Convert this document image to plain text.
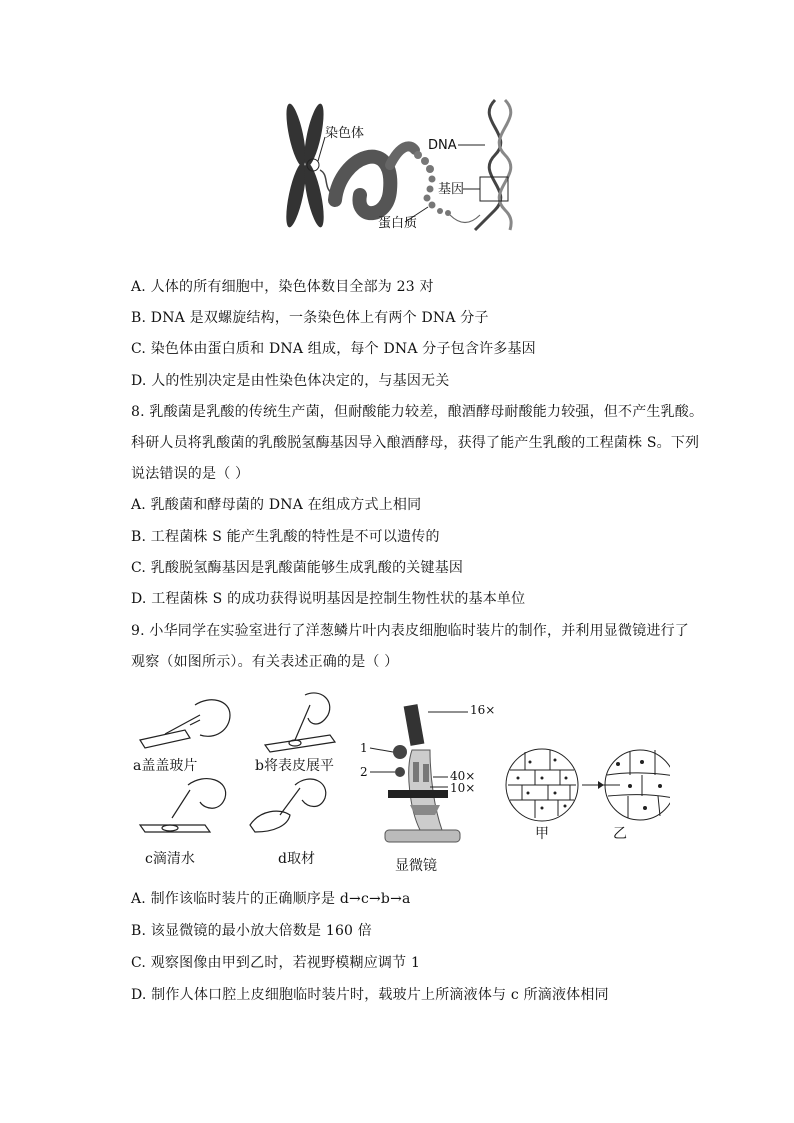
染色体
DNA
基因
蛋白质
A. 人体的所有细胞中，染色体数目全部为 23 对
B. DNA 是双螺旋结构，一条染色体上有两个 DNA 分子
C. 染色体由蛋白质和 DNA 组成，每个 DNA 分子包含许多基因
D. 人的性别决定是由性染色体决定的，与基因无关
8. 乳酸菌是乳酸的传统生产菌，但耐酸能力较差，酿酒酵母耐酸能力较强，但不产生乳酸。
科研人员将乳酸菌的乳酸脱氢酶基因导入酿酒酵母，获得了能产生乳酸的工程菌株 S。下列
说法错误的是（ ）
A. 乳酸菌和酵母菌的 DNA 在组成方式上相同
B. 工程菌株 S 能产生乳酸的特性是不可以遗传的
C. 乳酸脱氢酶基因是乳酸菌能够生成乳酸的关键基因
D. 工程菌株 S 的成功获得说明基因是控制生物性状的基本单位
9. 小华同学在实验室进行了洋葱鳞片叶内表皮细胞临时装片的制作，并利用显微镜进行了
观察（如图所示）。有关表述正确的是（ ）
a盖盖玻片	b将表皮展平
c滴清水	d取材	显微镜
16×
40×
10×
1
2
甲	乙
A. 制作该临时装片的正确顺序是 d→c→b→a
B. 该显微镜的最小放大倍数是 160 倍
C. 观察图像由甲到乙时，若视野模糊应调节 1
D. 制作人体口腔上皮细胞临时装片时，载玻片上所滴液体与 c 所滴液体相同
